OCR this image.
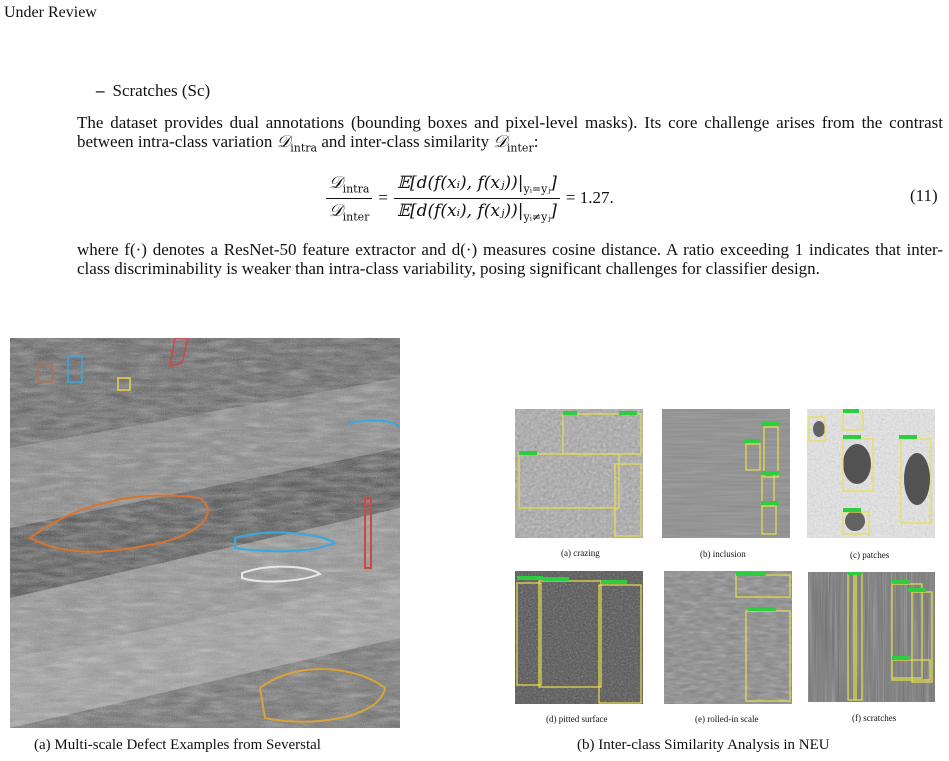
Under Review
– Scratches (Sc)
The dataset provides dual annotations (bounding boxes and pixel-level masks). Its core challenge arises from the contrast between intra-class variation 𝒟$_{intra}$ and inter-class similarity 𝒟$_{inter}$:
$\frac{𝒟_{intra}}{𝒟_{inter}} = \frac{𝔼[d(f(xᵢ), f(xⱼ))|_{yᵢ=yⱼ}]}{𝔼[d(f(xᵢ), f(xⱼ))|_{yᵢ\ne yⱼ}]} = 1.27$.	(11)
where f(·) denotes a ResNet-50 feature extractor and d(·) measures cosine distance. A ratio exceeding 1 indicates that inter-class discriminability is weaker than intra-class variability, posing significant challenges for classifier design.
(a) Multi-scale Defect Examples from Severstal
(a) crazing	(b) inclusion	(c) patches
(d) pitted surface	(e) rolled-in scale	(f) scratches
(b) Inter-class Similarity Analysis in NEU
